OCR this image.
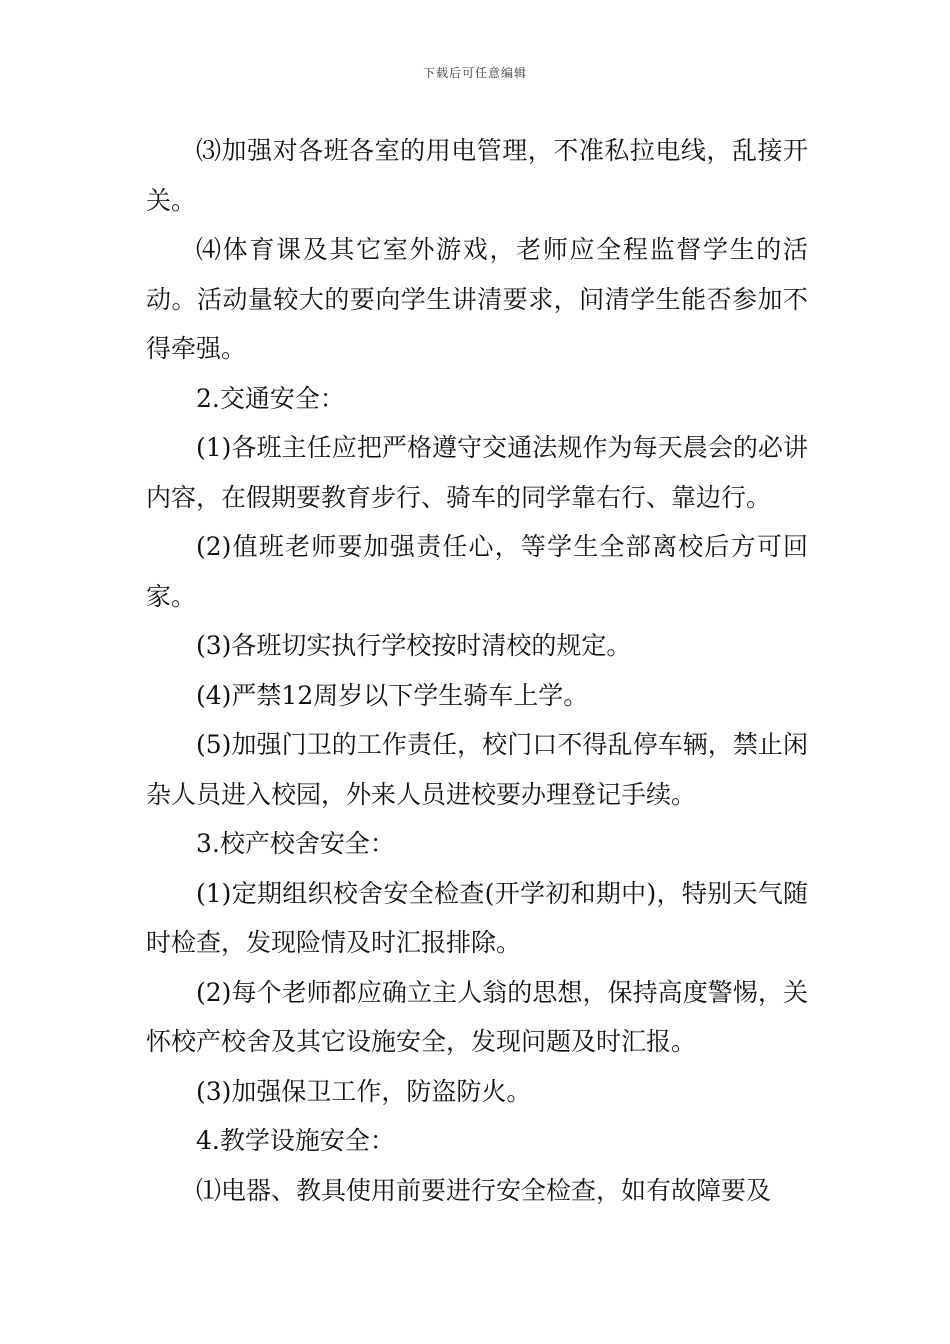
下载后可任意编辑

⑶加强对各班各室的用电管理，不准私拉电线，乱接开关。

⑷体育课及其它室外游戏，老师应全程监督学生的活动。活动量较大的要向学生讲清要求，问清学生能否参加不得牵强。

2.交通安全：

(1)各班主任应把严格遵守交通法规作为每天晨会的必讲内容，在假期要教育步行、骑车的同学靠右行、靠边行。

(2)值班老师要加强责任心，等学生全部离校后方可回家。

(3)各班切实执行学校按时清校的规定。

(4)严禁12周岁以下学生骑车上学。

(5)加强门卫的工作责任，校门口不得乱停车辆，禁止闲杂人员进入校园，外来人员进校要办理登记手续。

3.校产校舍安全：

(1)定期组织校舍安全检查(开学初和期中)，特别天气随时检查，发现险情及时汇报排除。

(2)每个老师都应确立主人翁的思想，保持高度警惕，关怀校产校舍及其它设施安全，发现问题及时汇报。

(3)加强保卫工作，防盗防火。

4.教学设施安全：

⑴电器、教具使用前要进行安全检查，如有故障要及
